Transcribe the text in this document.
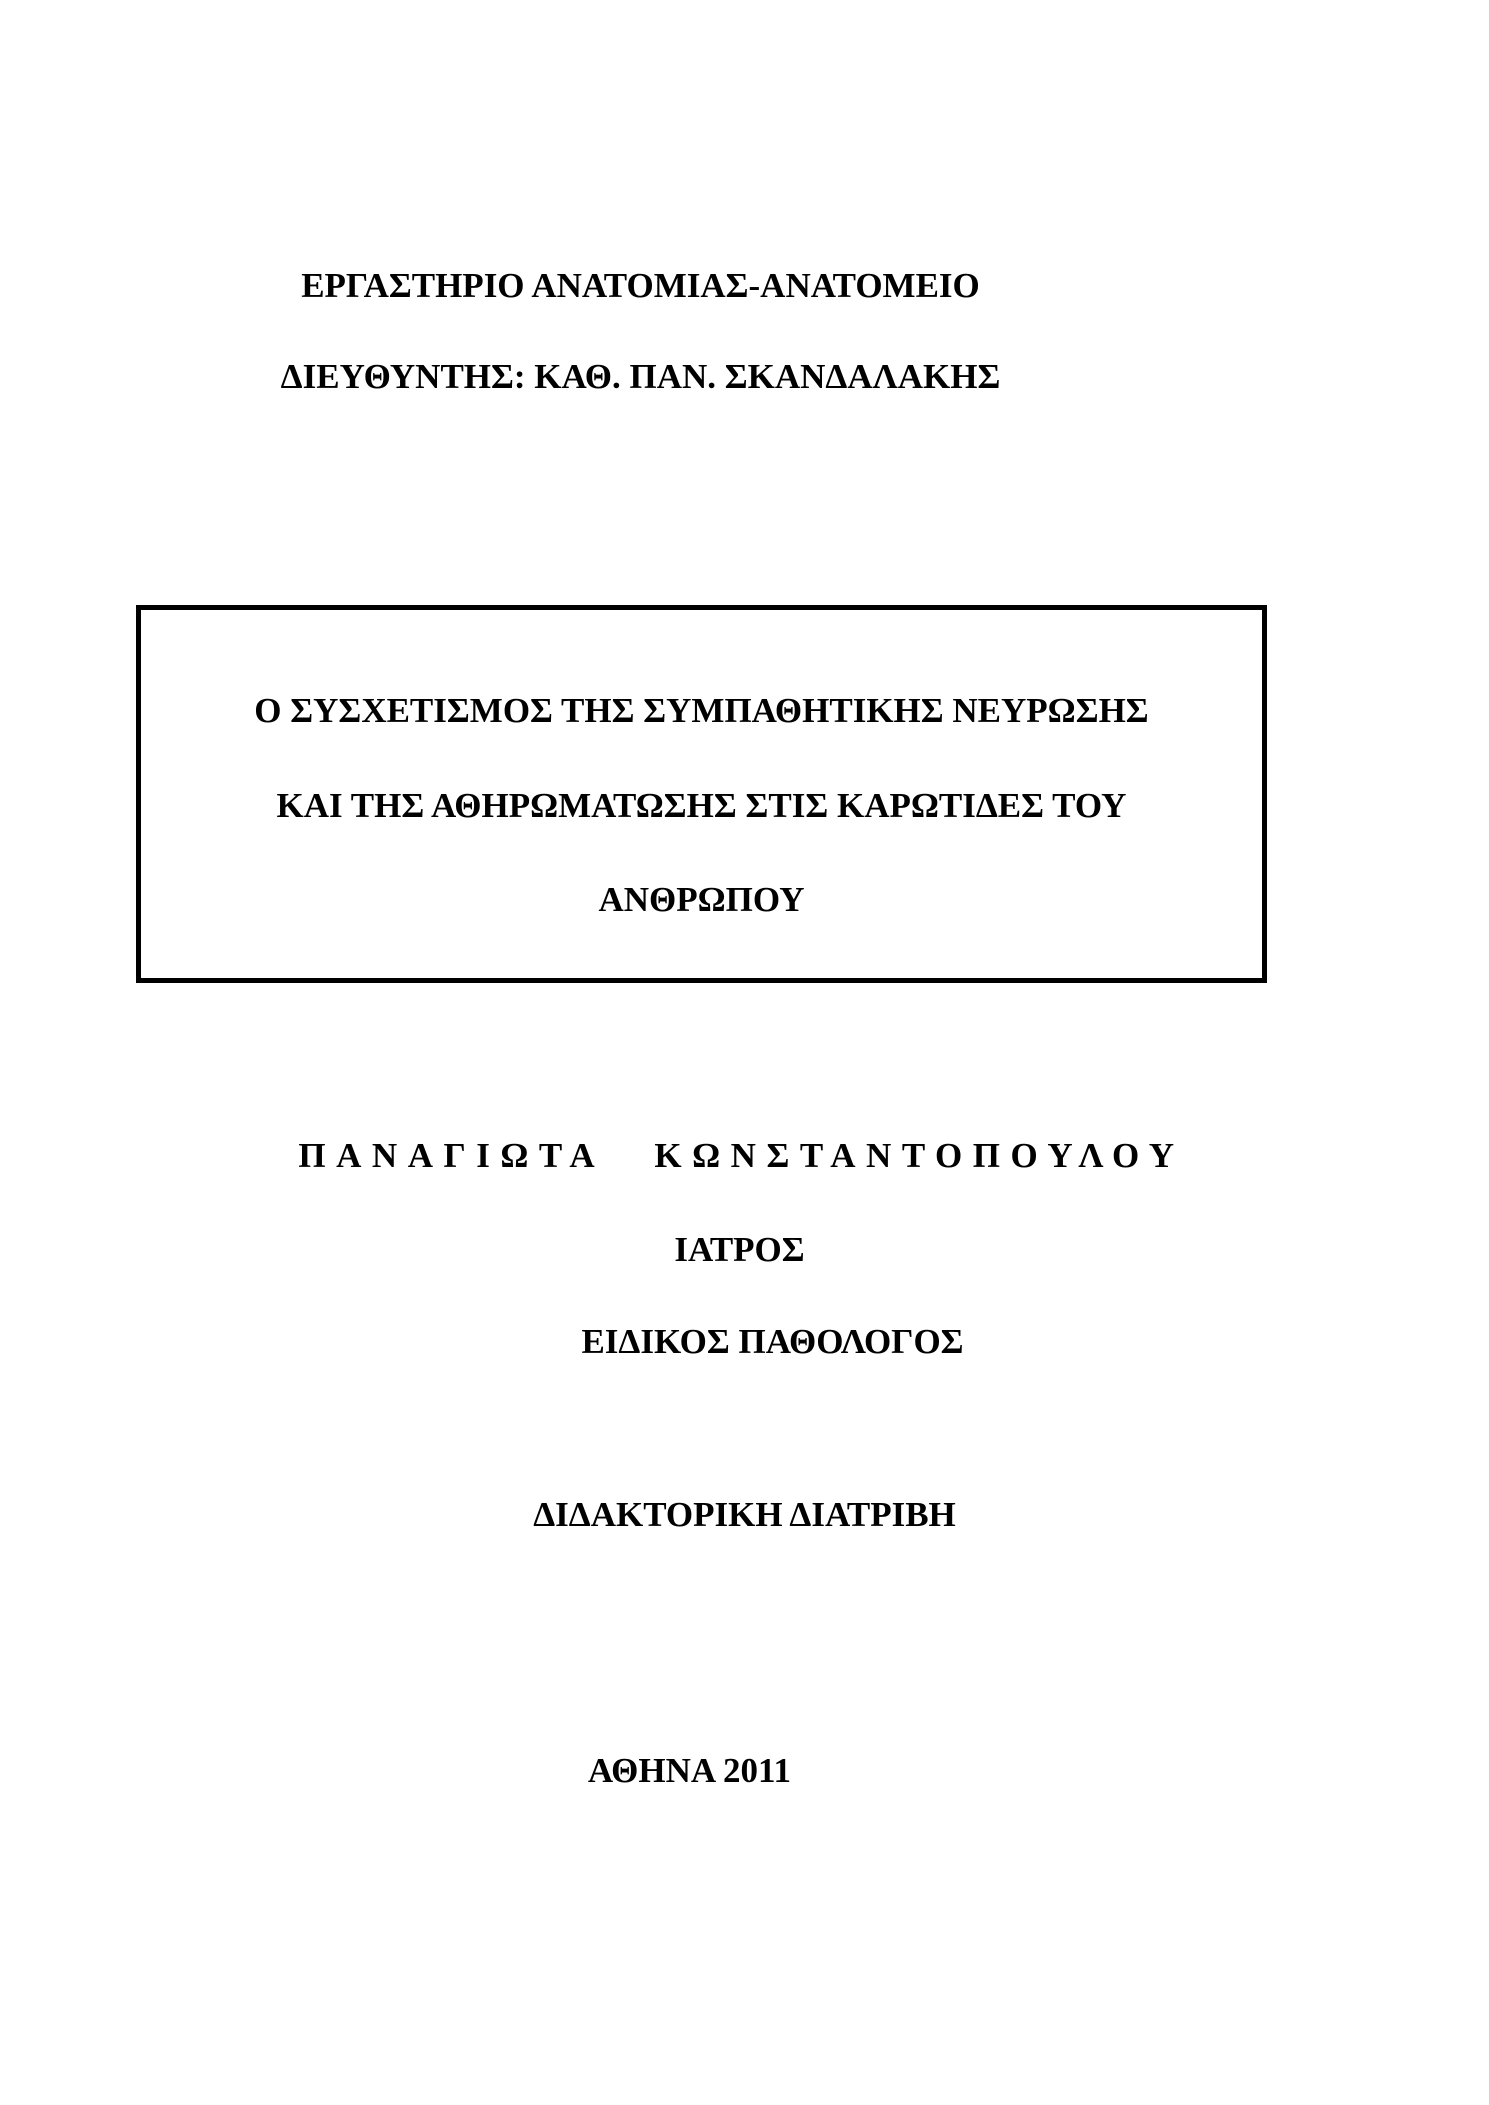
ΕΡΓΑΣΤΗΡΙΟ ΑΝΑΤΟΜΙΑΣ-ΑΝΑΤΟΜΕΙΟ
ΔΙΕΥΘΥΝΤΗΣ: ΚΑΘ. ΠΑΝ. ΣΚΑΝΔΑΛΑΚΗΣ
Ο ΣΥΣΧΕΤΙΣΜΟΣ ΤΗΣ ΣΥΜΠΑΘΗΤΙΚΗΣ ΝΕΥΡΩΣΗΣ
ΚΑΙ ΤΗΣ ΑΘΗΡΩΜΑΤΩΣΗΣ ΣΤΙΣ ΚΑΡΩΤΙΔΕΣ ΤΟΥ
ΑΝΘΡΩΠΟΥ
ΠΑΝΑΓΙΩΤΑ ΚΩΝΣΤΑΝΤΟΠΟΥΛΟΥ
ΙΑΤΡΟΣ
ΕΙΔΙΚΟΣ ΠΑΘΟΛΟΓΟΣ
ΔΙΔΑΚΤΟΡΙΚΗ ΔΙΑΤΡΙΒΗ
ΑΘΗΝΑ 2011
